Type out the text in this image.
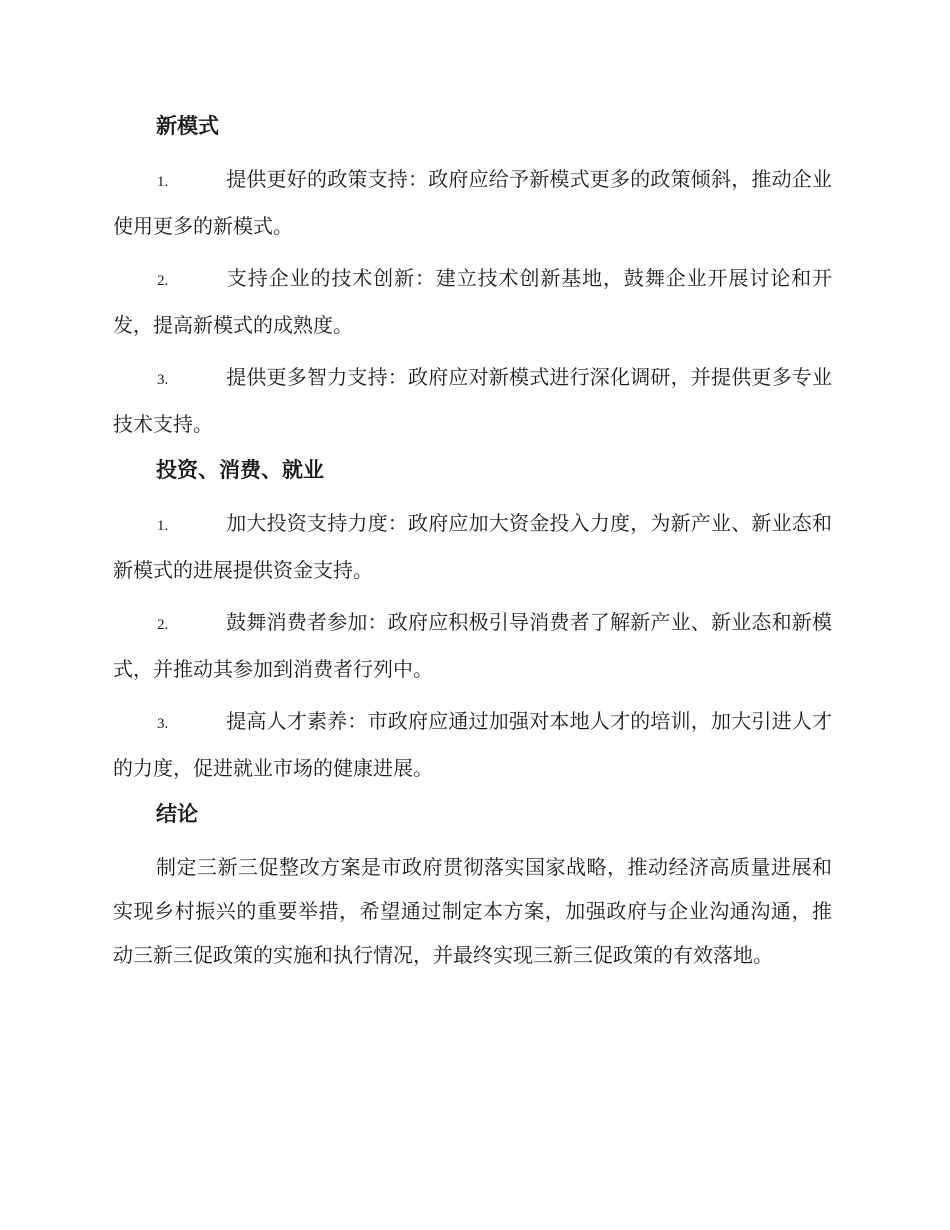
新模式

1.	提供更好的政策支持：政府应给予新模式更多的政策倾斜，推动企业使用更多的新模式。

2.	支持企业的技术创新：建立技术创新基地，鼓舞企业开展讨论和开发，提高新模式的成熟度。

3.	提供更多智力支持：政府应对新模式进行深化调研，并提供更多专业技术支持。

投资、消费、就业

1.	加大投资支持力度：政府应加大资金投入力度，为新产业、新业态和新模式的进展提供资金支持。

2.	鼓舞消费者参加：政府应积极引导消费者了解新产业、新业态和新模式，并推动其参加到消费者行列中。

3.	提高人才素养：市政府应通过加强对本地人才的培训，加大引进人才的力度，促进就业市场的健康进展。

结论

制定三新三促整改方案是市政府贯彻落实国家战略，推动经济高质量进展和实现乡村振兴的重要举措，希望通过制定本方案，加强政府与企业沟通沟通，推动三新三促政策的实施和执行情况，并最终实现三新三促政策的有效落地。
